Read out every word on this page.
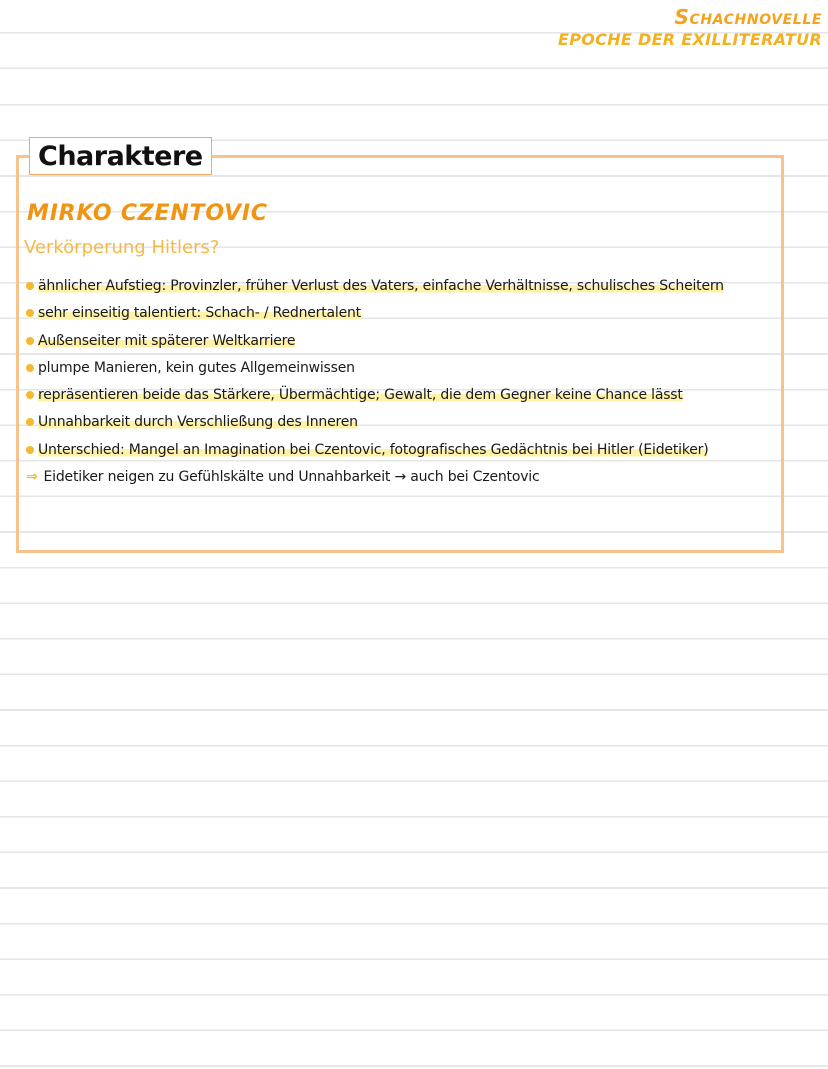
Schachnovelle
EPOCHE DER EXILLITERATUR
Charaktere
MIRKO CZENTOVIC
Verkörperung Hitlers?
ähnlicher Aufstieg: Provinzler, früher Verlust des Vaters, einfache Verhältnisse, schulisches Scheitern
sehr einseitig talentiert: Schach- / Rednertalent
Außenseiter mit späterer Weltkarriere
plumpe Manieren, kein gutes Allgemeinwissen
repräsentieren beide das Stärkere, Übermächtige; Gewalt, die dem Gegner keine Chance lässt
Unnahbarkeit durch Verschließung des Inneren
Unterschied: Mangel an Imagination bei Czentovic, fotografisches Gedächtnis bei Hitler (Eidetiker)
⇒ Eidetiker neigen zu Gefühlskälte und Unnahbarkeit → auch bei Czentovic
